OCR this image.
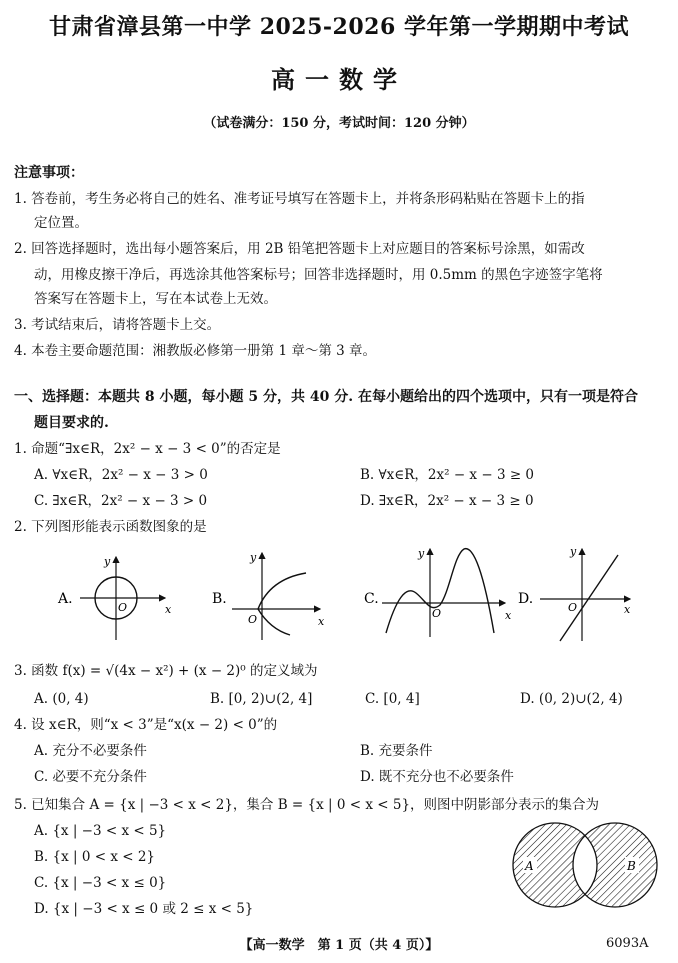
甘肃省漳县第一中学 2025-2026 学年第一学期期中考试
高一数学
（试卷满分：150 分，考试时间：120 分钟）
注意事项：
1. 答卷前，考生务必将自己的姓名、准考证号填写在答题卡上，并将条形码粘贴在答题卡上的指
定位置。
2. 回答选择题时，选出每小题答案后，用 2B 铅笔把答题卡上对应题目的答案标号涂黑，如需改
动，用橡皮擦干净后，再选涂其他答案标号；回答非选择题时，用 0.5mm 的黑色字迹签字笔将
答案写在答题卡上，写在本试卷上无效。
3. 考试结束后，请将答题卡上交。
4. 本卷主要命题范围：湘教版必修第一册第 1 章～第 3 章。
一、选择题：本题共 8 小题，每小题 5 分，共 40 分. 在每小题给出的四个选项中，只有一项是符合
题目要求的.
1. 命题“∃x∈R，2x² − x − 3 < 0”的否定是
A. ∀x∈R，2x² − x − 3 > 0	B. ∀x∈R，2x² − x − 3 ≥ 0
C. ∃x∈R，2x² − x − 3 > 0	D. ∃x∈R，2x² − x − 3 ≥ 0
2. 下列图形能表示函数图象的是
A.
y
x
O
B.
y
x
O
C.
y
x
O
D.
y
x
O
3. 函数 f(x) = √(4x − x²) + (x − 2)⁰ 的定义域为
A. (0, 4)	B. [0, 2)∪(2, 4]	C. [0, 4]	D. (0, 2)∪(2, 4)
4. 设 x∈R，则“x < 3”是“x(x − 2) < 0”的
A. 充分不必要条件	B. 充要条件
C. 必要不充分条件	D. 既不充分也不必要条件
5. 已知集合 A = {x | −3 < x < 2}，集合 B = {x | 0 < x < 5}，则图中阴影部分表示的集合为
A. {x | −3 < x < 5}
B. {x | 0 < x < 2}
C. {x | −3 < x ≤ 0}
D. {x | −3 < x ≤ 0 或 2 ≤ x < 5}
A	B
【高一数学　第 1 页（共 4 页）】	6093A
